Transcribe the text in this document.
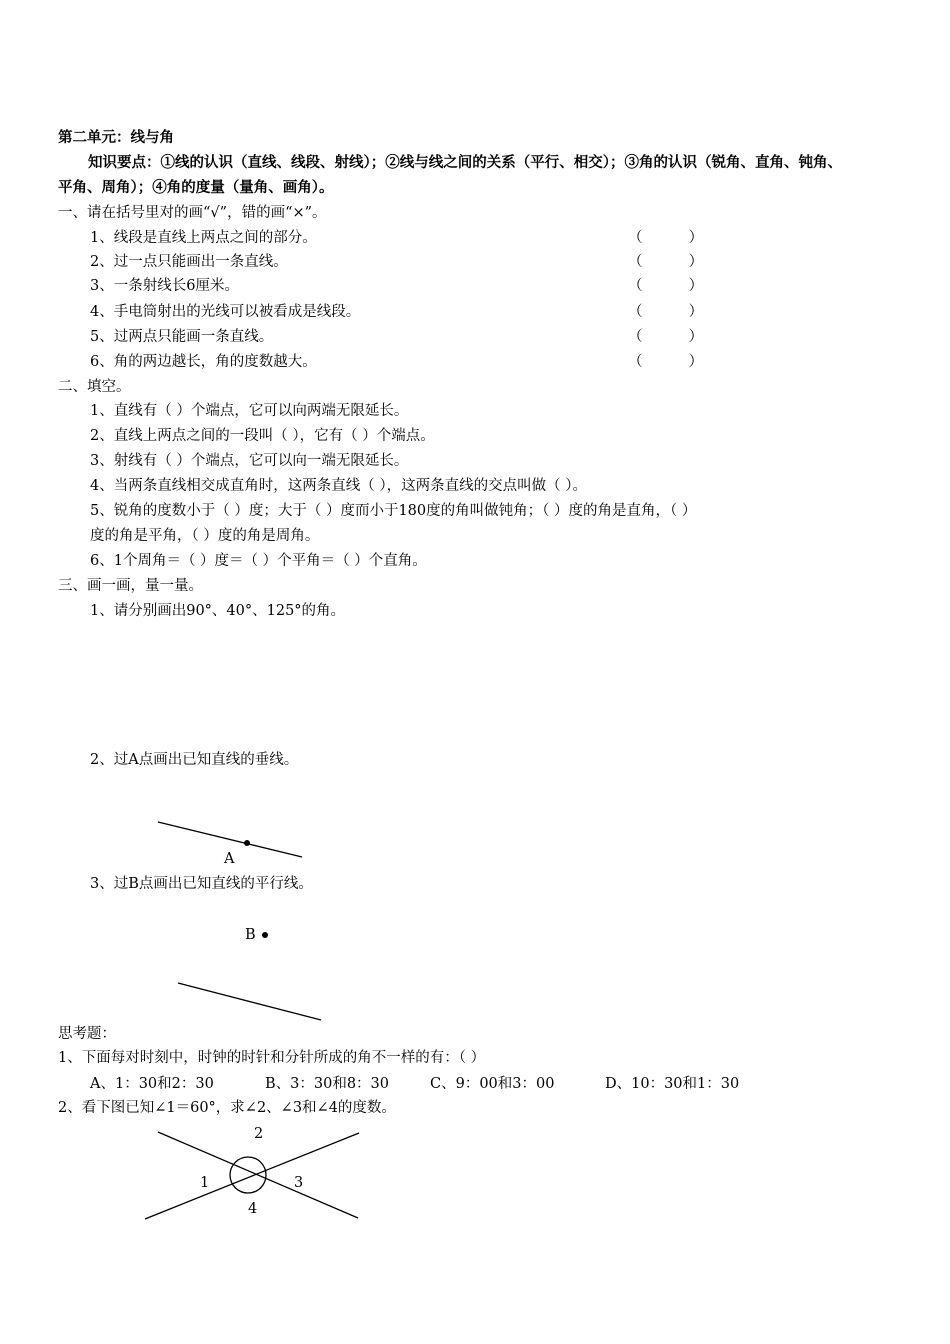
第二单元：线与角
知识要点：①线的认识（直线、线段、射线）；②线与线之间的关系（平行、相交）；③角的认识（锐角、直角、钝角、
平角、周角）；④角的度量（量角、画角）。
一、请在括号里对的画“√”，错的画“×”。
1、线段是直线上两点之间的部分。	（          ）
2、过一点只能画出一条直线。	（          ）
3、一条射线长6厘米。	（          ）
4、手电筒射出的光线可以被看成是线段。	（          ）
5、过两点只能画一条直线。	（          ）
6、角的两边越长，角的度数越大。	（          ）
二、填空。
1、直线有（ ）个端点，它可以向两端无限延长。
2、直线上两点之间的一段叫（ ），它有（ ）个端点。
3、射线有（ ）个端点，它可以向一端无限延长。
4、当两条直线相交成直角时，这两条直线（ ），这两条直线的交点叫做（ ）。
5、锐角的度数小于（ ）度；大于（ ）度而小于180度的角叫做钝角；（ ）度的角是直角，（ ）
度的角是平角，（ ）度的角是周角。
6、1个周角＝（ ）度＝（ ）个平角＝（ ）个直角。
三、画一画，量一量。
1、请分别画出90°、40°、125°的角。
2、过A点画出已知直线的垂线。
A
3、过B点画出已知直线的平行线。
B
思考题：
1、下面每对时刻中，时钟的时针和分针所成的角不一样的有：（ ）
A、1：30和2：30	B、3：30和8：30	C、9：00和3：00	D、10：30和1：30
2、看下图已知∠1＝60°，求∠2、∠3和∠4的度数。
1
2
3
4
